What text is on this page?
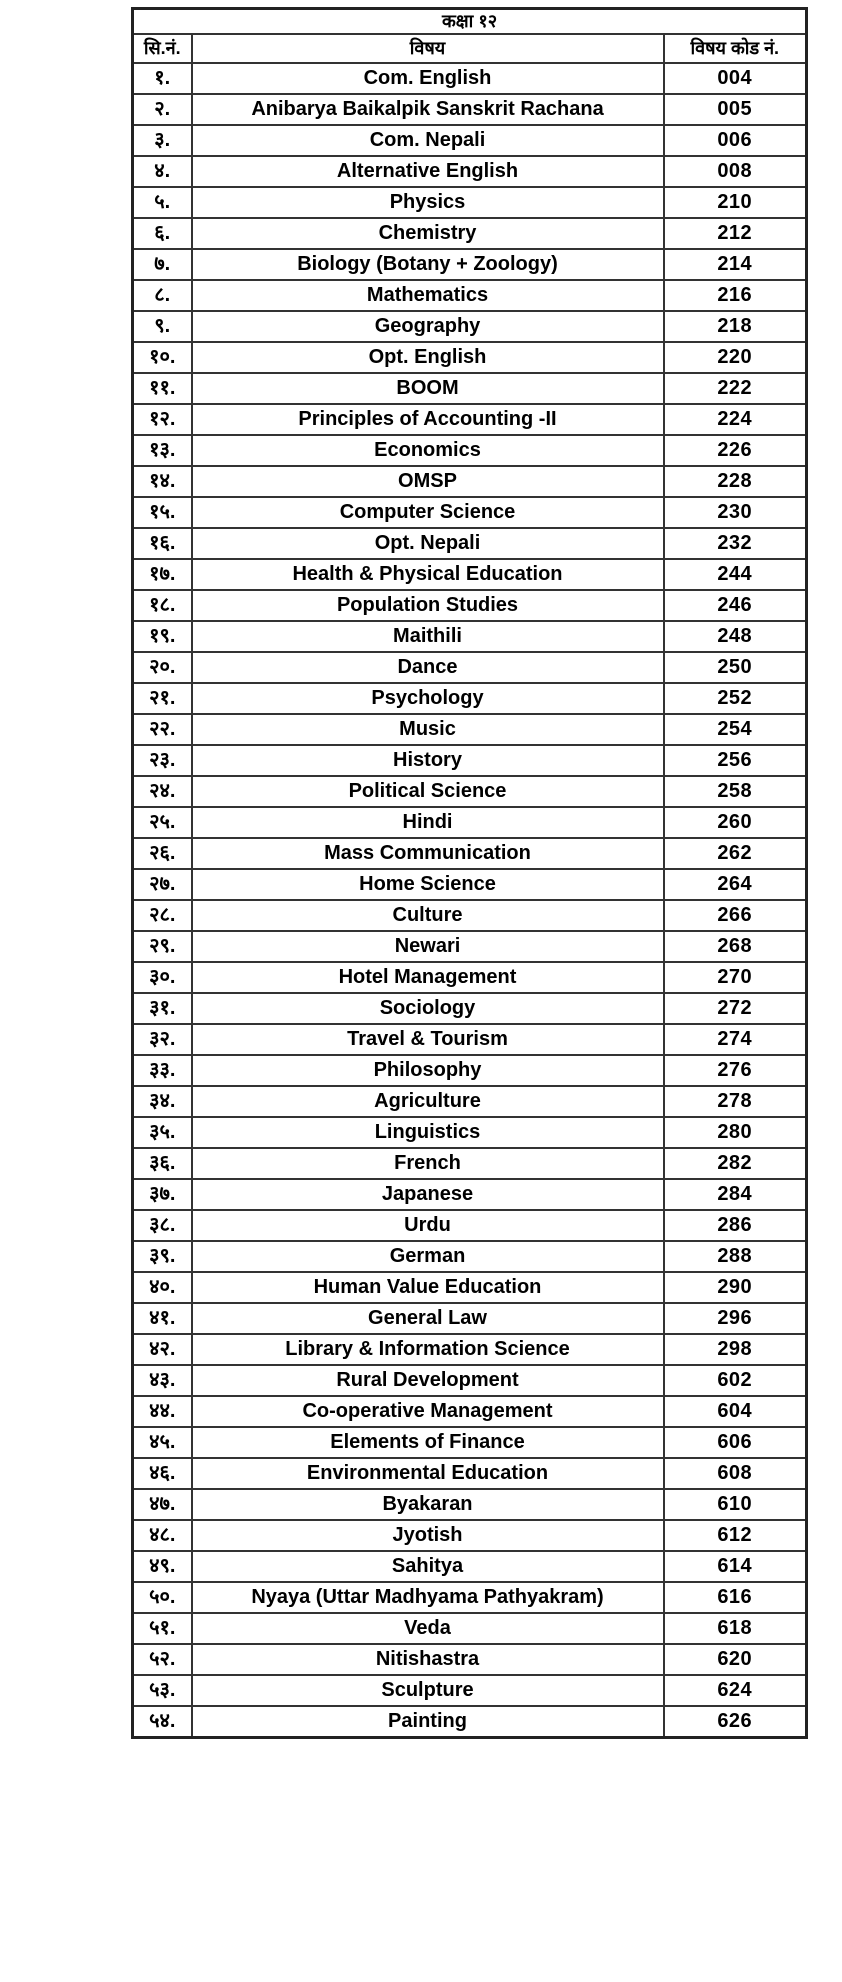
कक्षा १२		
सि.नं.	विषय	विषय कोड नं.
१.	Com. English	004
२.	Anibarya Baikalpik Sanskrit Rachana	005
३.	Com. Nepali	006
४.	Alternative English	008
५.	Physics	210
६.	Chemistry	212
७.	Biology (Botany + Zoology)	214
८.	Mathematics	216
९.	Geography	218
१०.	Opt. English	220
११.	BOOM	222
१२.	Principles of Accounting -II	224
१३.	Economics	226
१४.	OMSP	228
१५.	Computer Science	230
१६.	Opt. Nepali	232
१७.	Health & Physical Education	244
१८.	Population Studies	246
१९.	Maithili	248
२०.	Dance	250
२१.	Psychology	252
२२.	Music	254
२३.	History	256
२४.	Political Science	258
२५.	Hindi	260
२६.	Mass Communication	262
२७.	Home Science	264
२८.	Culture	266
२९.	Newari	268
३०.	Hotel Management	270
३१.	Sociology	272
३२.	Travel & Tourism	274
३३.	Philosophy	276
३४.	Agriculture	278
३५.	Linguistics	280
३६.	French	282
३७.	Japanese	284
३८.	Urdu	286
३९.	German	288
४०.	Human Value Education	290
४१.	General Law	296
४२.	Library & Information Science	298
४३.	Rural Development	602
४४.	Co-operative Management	604
४५.	Elements of Finance	606
४६.	Environmental Education	608
४७.	Byakaran	610
४८.	Jyotish	612
४९.	Sahitya	614
५०.	Nyaya (Uttar Madhyama Pathyakram)	616
५१.	Veda	618
५२.	Nitishastra	620
५३.	Sculpture	624
५४.	Painting	626
